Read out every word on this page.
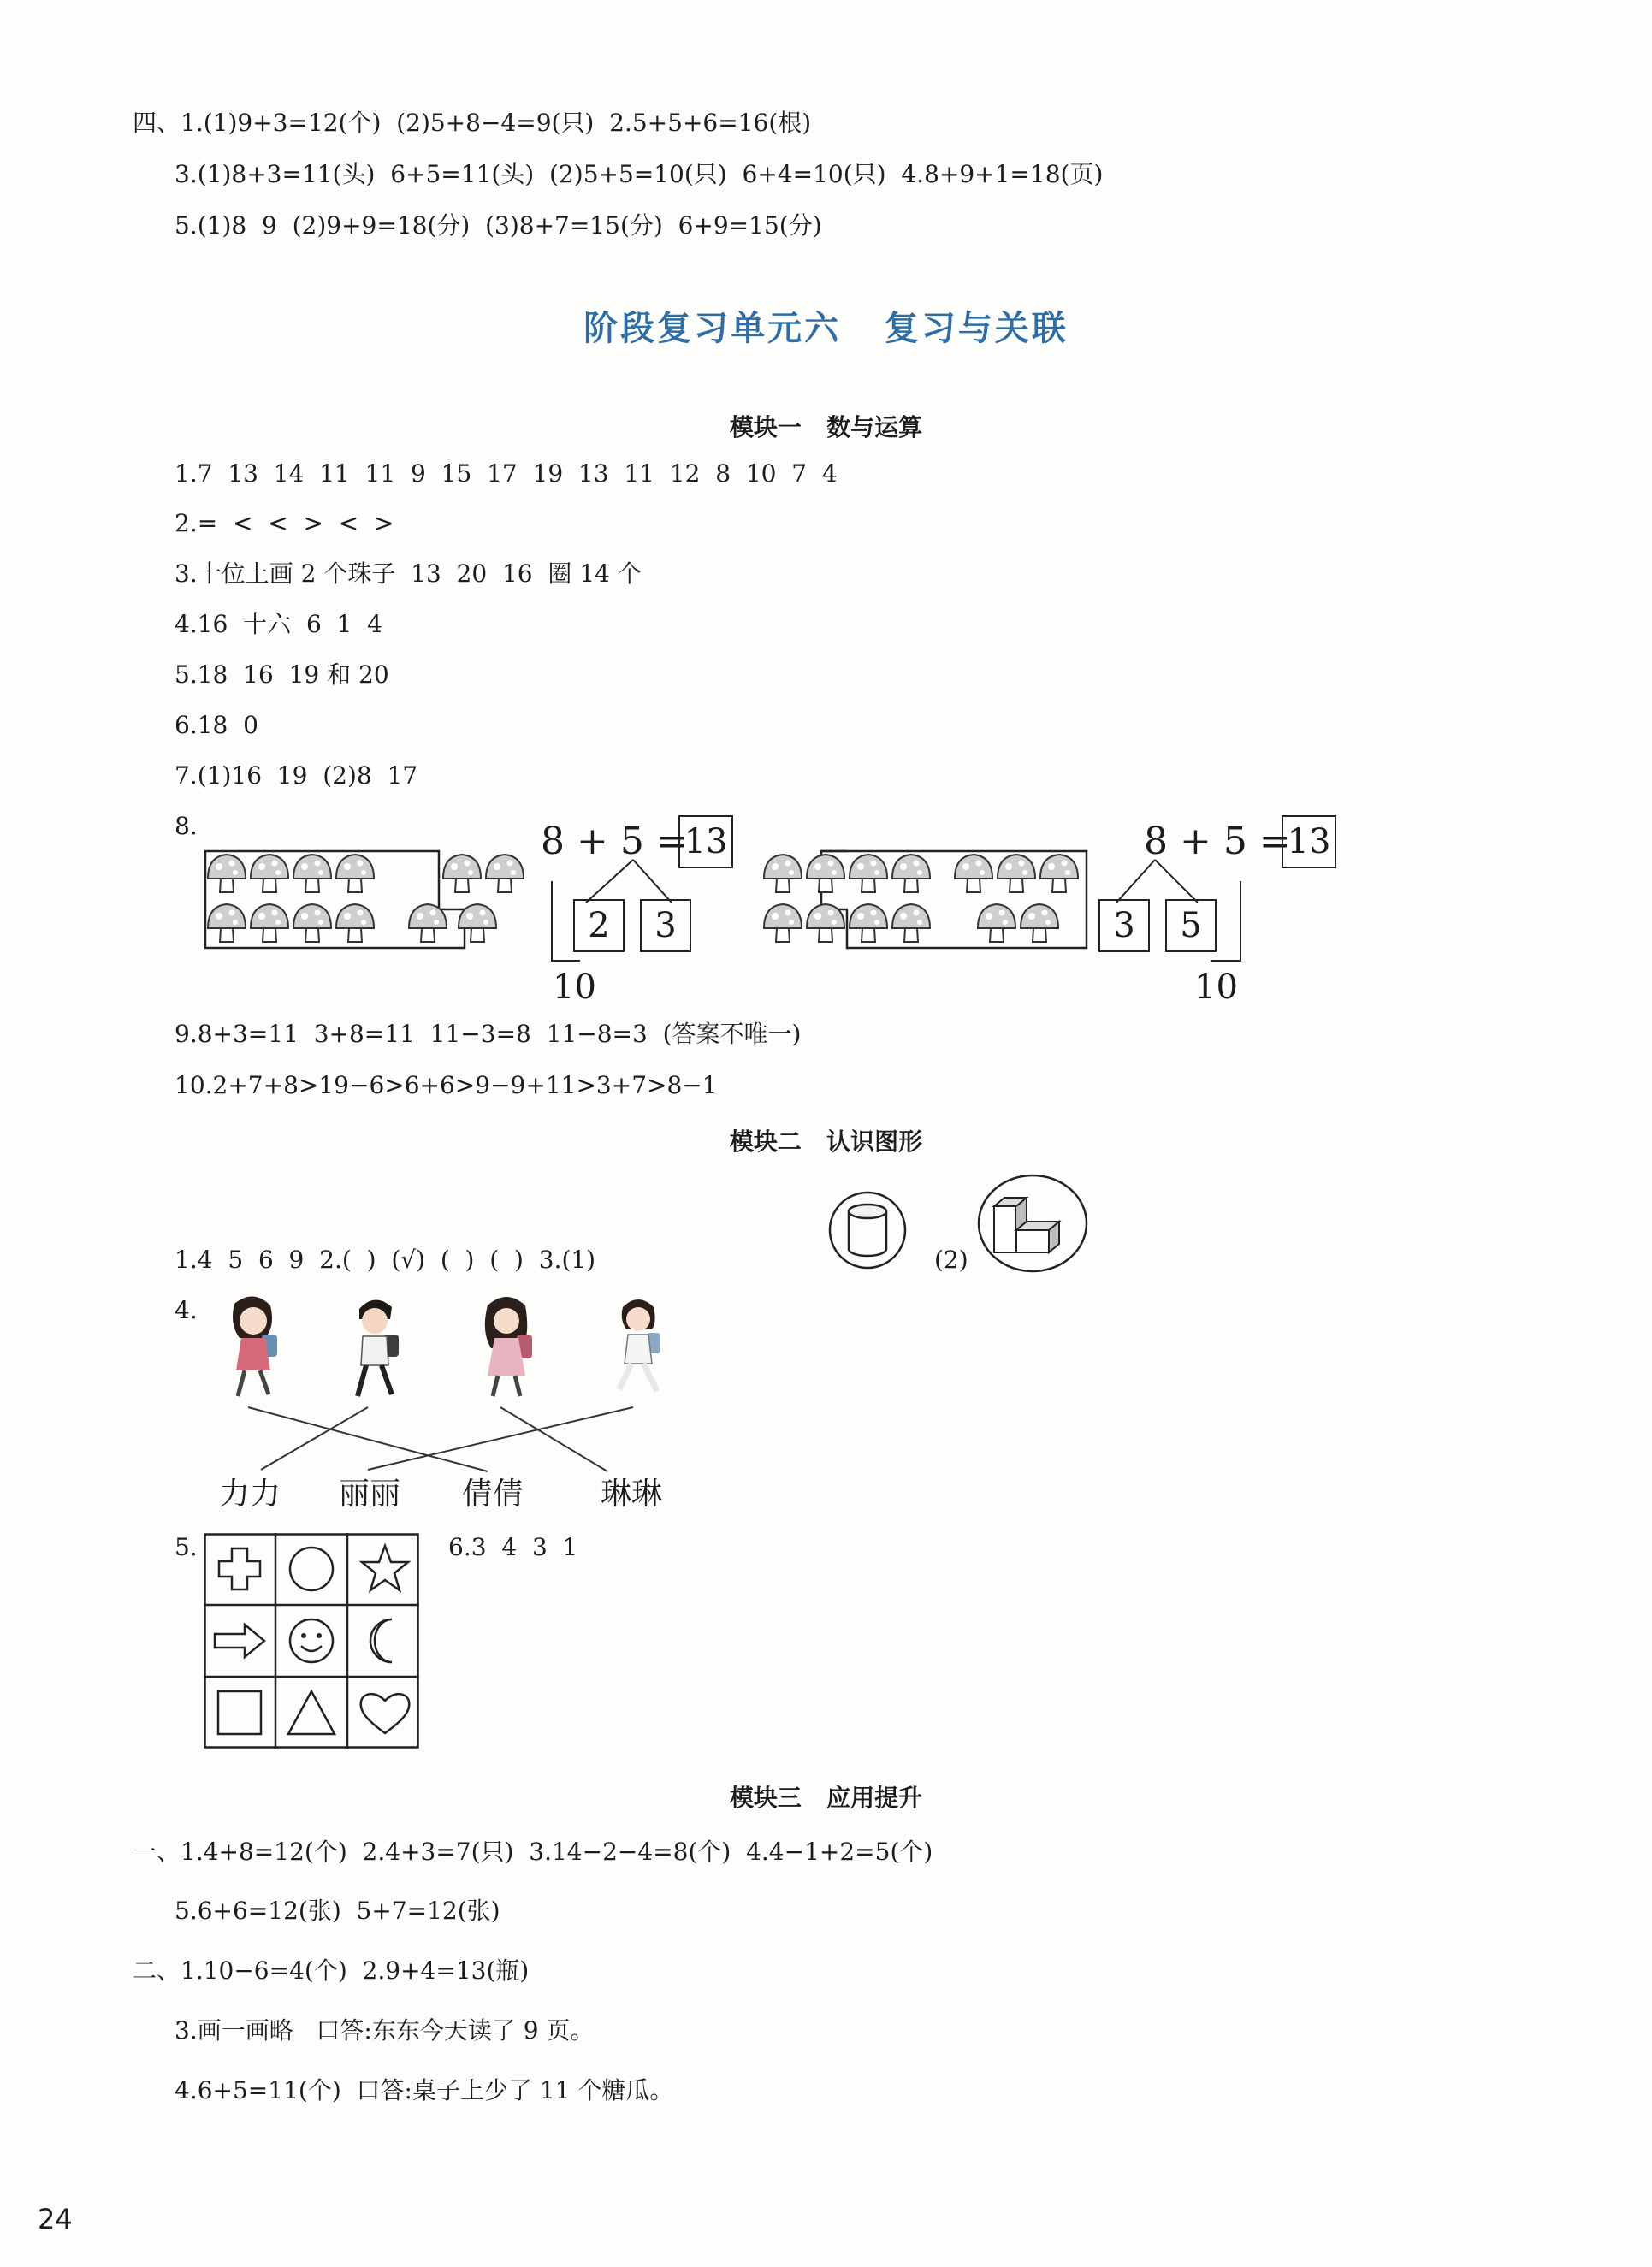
四、1.(1)9+3=12(个)  (2)5+8−4=9(只)  2.5+5+6=16(根)
3.(1)8+3=11(头)  6+5=11(头)  (2)5+5=10(只)  6+4=10(只)  4.8+9+1=18(页)
5.(1)8  9  (2)9+9=18(分)  (3)8+7=15(分)  6+9=15(分)
阶段复习单元六   复习与关联
模块一   数与运算
1.7  13  14  11  11  9  15  17  19  13  11  12  8  10  7  4
2.=  <  <  >  <  >
3.十位上画 2 个珠子  13  20  16  圈 14 个
4.16  十六  6  1  4
5.18  16  19 和 20
6.18  0
7.(1)16  19  (2)8  17
8.	8 + 5 =
13
2	3
10
8 + 5 =
13
3	5
10
9.8+3=11  3+8=11  11−3=8  11−8=3  (答案不唯一)
10.2+7+8>19−6>6+6>9−9+11>3+7>8−1
模块二   认识图形
1.4  5  6  9  2.(  )  (√)  (  )  (  )  3.(1)	(2)
4.
力力 丽丽 倩倩 琳琳
5.	6.3  4  3  1
模块三   应用提升
一、1.4+8=12(个)  2.4+3=7(只)  3.14−2−4=8(个)  4.4−1+2=5(个)
5.6+6=12(张)  5+7=12(张)
二、1.10−6=4(个)  2.9+4=13(瓶)
3.画一画略   口答:东东今天读了 9 页。
4.6+5=11(个)  口答:桌子上少了 11 个糖瓜。
24
